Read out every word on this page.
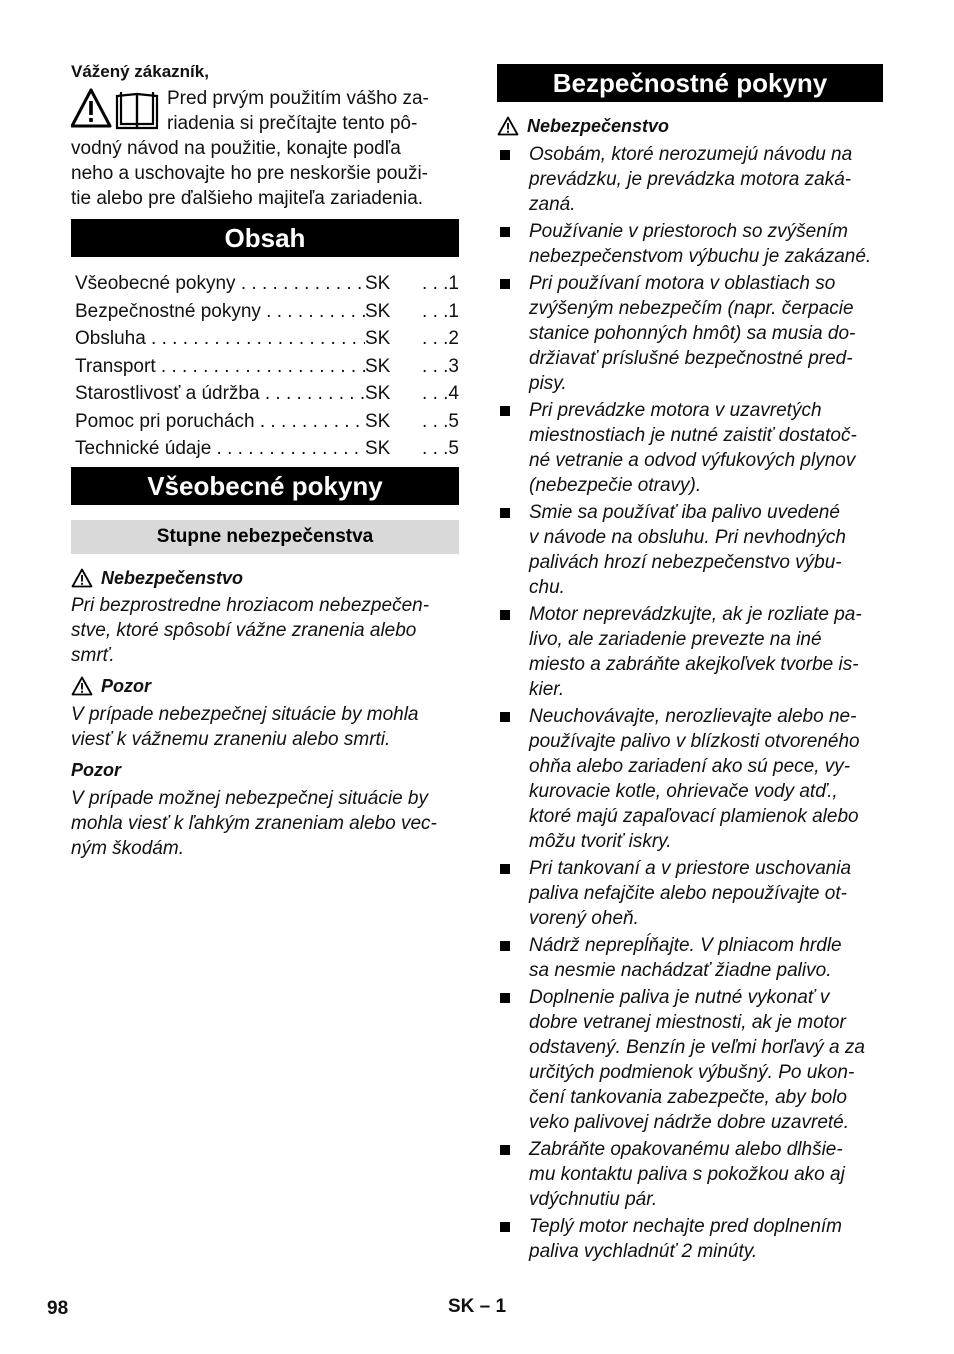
Vážený zákazník,

Pred prvým použitím vášho za-

riadenia si prečítajte tento pô-

vodný návod na použitie, konajte podľa

neho a uschovajte ho pre neskoršie použi-

tie alebo pre ďalšieho majiteľa zariadenia.

Obsah
Všeobecné pokyny . . .	SK	. . .1
Bezpečnostné pokyny . . .	SK	. . .1
Obsluha . . .	SK	. . .2
Transport . . .	SK	. . .3
Starostlivosť a údržba . . .	SK	. . .4
Pomoc pri poruchách . . .	SK	. . .5
Technické údaje . . .	SK	. . .5
Všeobecné pokyny
Stupne nebezpečenstva
Nebezpečenstvo

Pri bezprostredne hroziacom nebezpečen-

stve, ktoré spôsobí vážne zranenia alebo

smrť.

Pozor

V prípade nebezpečnej situácie by mohla

viesť k vážnemu zraneniu alebo smrti.

Pozor

V prípade možnej nebezpečnej situácie by

mohla viesť k ľahkým zraneniam alebo vec-

ným škodám.

Bezpečnostné pokyny
Nebezpečenstvo

Osobám, ktoré nerozumejú návodu na

prevádzku, je prevádzka motora zaká-

zaná.

Používanie v priestoroch so zvýšením

nebezpečenstvom výbuchu je zakázané.

Pri používaní motora v oblastiach so

zvýšeným nebezpečím (napr. čerpacie

stanice pohonných hmôt) sa musia do-

držiavať príslušné bezpečnostné pred-

pisy.

Pri prevádzke motora v uzavretých

miestnostiach je nutné zaistiť dostatoč-

né vetranie a odvod výfukových plynov

(nebezpečie otravy).

Smie sa používať iba palivo uvedené

v návode na obsluhu. Pri nevhodných

palivách hrozí nebezpečenstvo výbu-

chu.

Motor neprevádzkujte, ak je rozliate pa-

livo, ale zariadenie prevezte na iné

miesto a zabráňte akejkoľvek tvorbe is-

kier.

Neuchovávajte, nerozlievajte alebo ne-

používajte palivo v blízkosti otvoreného

ohňa alebo zariadení ako sú pece, vy-

kurovacie kotle, ohrievače vody atď.,

ktoré majú zapaľovací plamienok alebo

môžu tvoriť iskry.

Pri tankovaní a v priestore uschovania

paliva nefajčite alebo nepoužívajte ot-

vorený oheň.

Nádrž neprepĺňajte. V plniacom hrdle

sa nesmie nachádzať žiadne palivo.

Doplnenie paliva je nutné vykonať v

dobre vetranej miestnosti, ak je motor

odstavený. Benzín je veľmi horľavý a za

určitých podmienok výbušný. Po ukon-

čení tankovania zabezpečte, aby bolo

veko palivovej nádrže dobre uzavreté.

Zabráňte opakovanému alebo dlhšie-

mu kontaktu paliva s pokožkou ako aj

vdýchnutiu pár.

Teplý motor nechajte pred doplnením

paliva vychladnúť 2 minúty.

98	SK – 1
